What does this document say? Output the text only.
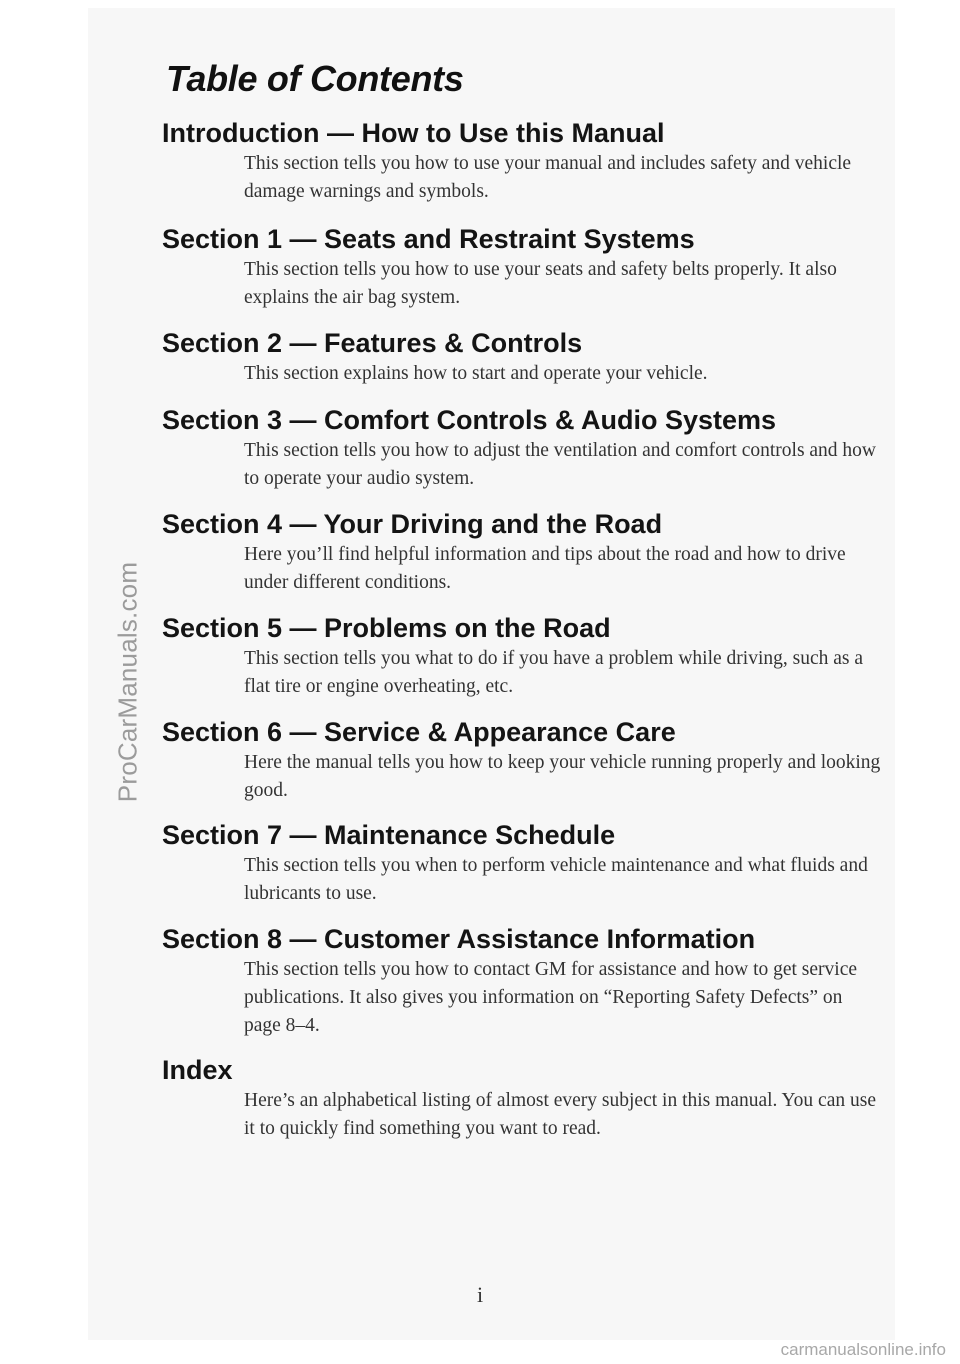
ProCarManuals.com
carmanualsonline.info
Table of Contents
Introduction — How to Use this Manual

This section tells you how to use your manual and includes safety and vehicle damage warnings and symbols.

Section 1 — Seats and Restraint Systems

This section tells you how to use your seats and safety belts properly. It also explains the air bag system.

Section 2 — Features & Controls

This section explains how to start and operate your vehicle.

Section 3 — Comfort Controls & Audio Systems

This section tells you how to adjust the ventilation and comfort controls and how to operate your audio system.

Section 4 — Your Driving and the Road

Here you’ll find helpful information and tips about the road and how to drive under different conditions.

Section 5 — Problems on the Road

This section tells you what to do if you have a problem while driving, such as a flat tire or engine overheating, etc.

Section 6 — Service & Appearance Care

Here the manual tells you how to keep your vehicle running properly and looking good.

Section 7 — Maintenance Schedule

This section tells you when to perform vehicle maintenance and what fluids and lubricants to use.

Section 8 — Customer Assistance Information

This section tells you how to contact GM for assistance and how to get service publications. It also gives you information on “Reporting Safety Defects” on page 8–4.

Index

Here’s an alphabetical listing of almost every subject in this manual. You can use it to quickly find something you want to read.

i
